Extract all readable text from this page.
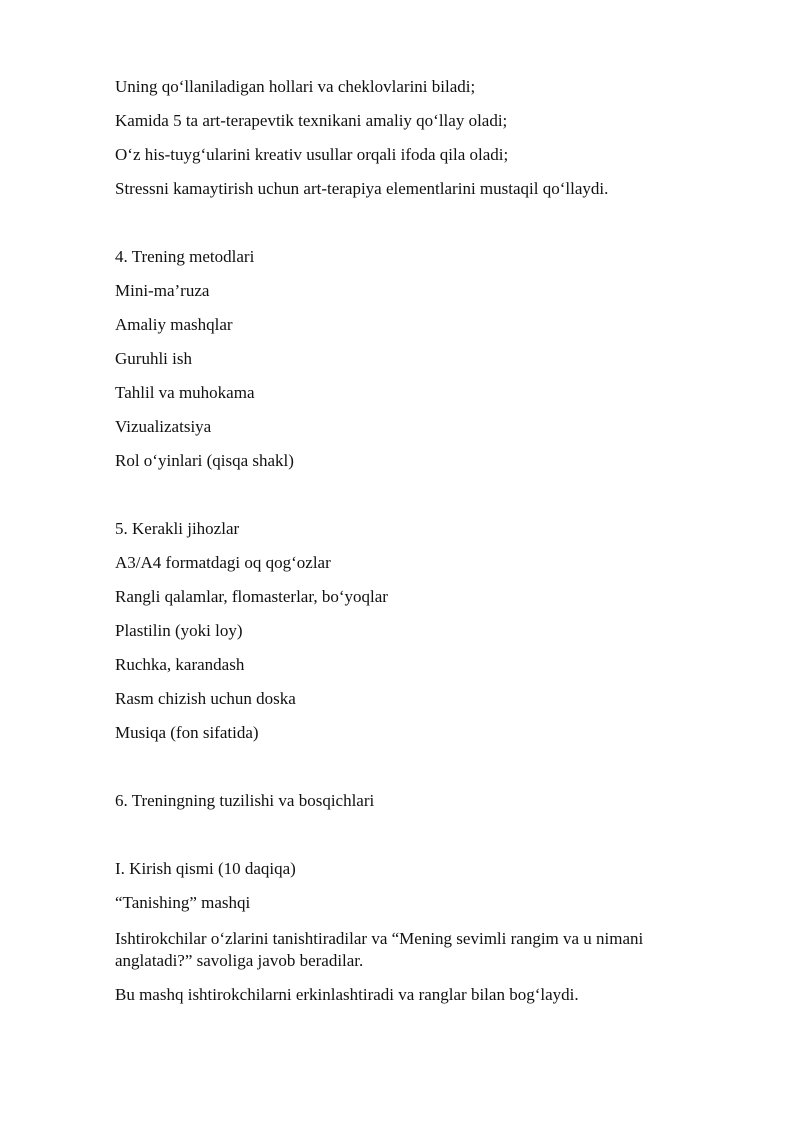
Uning qo‘llaniladigan hollari va cheklovlarini biladi;
Kamida 5 ta art-terapevtik texnikani amaliy qo‘llay oladi;
O‘z his-tuyg‘ularini kreativ usullar orqali ifoda qila oladi;
Stressni kamaytirish uchun art-terapiya elementlarini mustaqil qo‘llaydi.
4. Trening metodlari
Mini-ma’ruza
Amaliy mashqlar
Guruhli ish
Tahlil va muhokama
Vizualizatsiya
Rol o‘yinlari (qisqa shakl)
5. Kerakli jihozlar
A3/A4 formatdagi oq qog‘ozlar
Rangli qalamlar, flomasterlar, bo‘yoqlar
Plastilin (yoki loy)
Ruchka, karandash
Rasm chizish uchun doska
Musiqa (fon sifatida)
6. Treningning tuzilishi va bosqichlari
I. Kirish qismi (10 daqiqa)
“Tanishing” mashqi
Ishtirokchilar o‘zlarini tanishtiradilar va “Mening sevimli rangim va u nimani anglatadi?” savoliga javob beradilar.
Bu mashq ishtirokchilarni erkinlashtiradi va ranglar bilan bog‘laydi.
